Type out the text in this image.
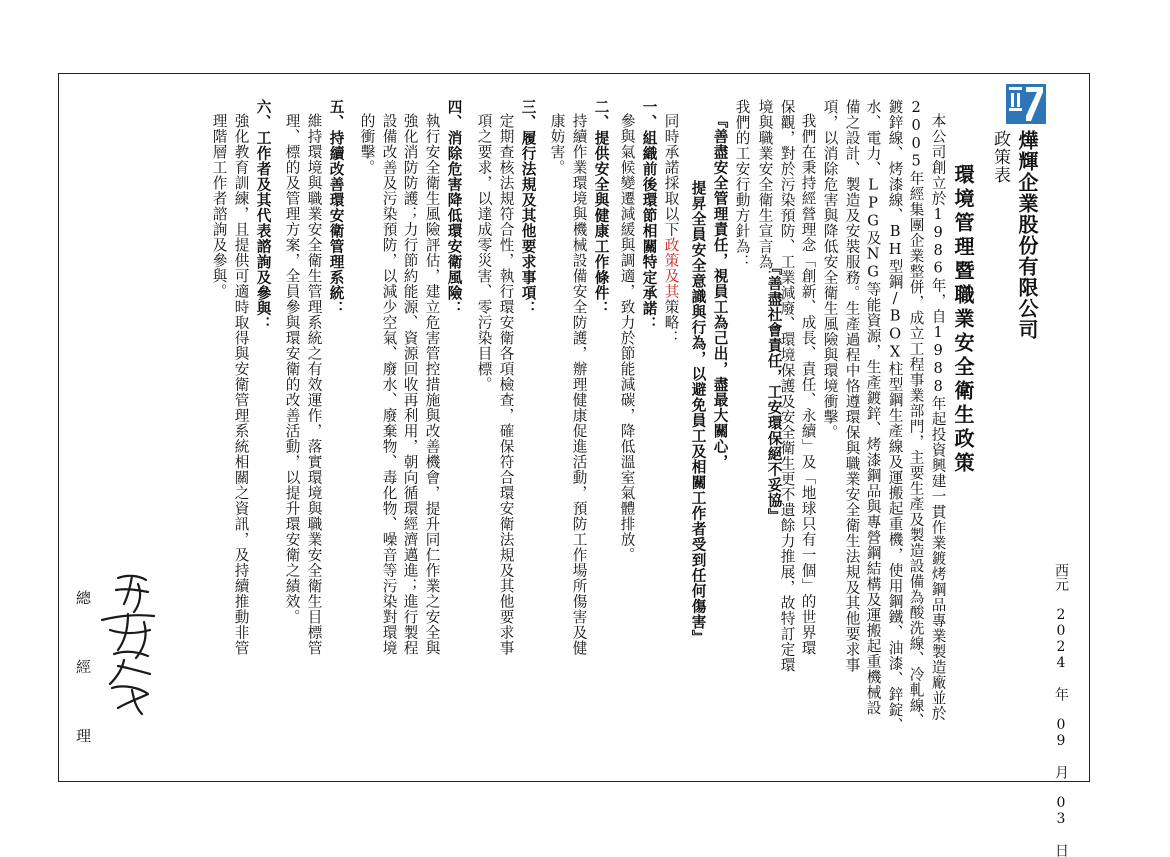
燁輝企業股份有限公司
政策表
西元 2024 年 09 月 03 日
環境管理暨職業安全衛生政策
本公司創立於1986年，自1988年起投資興建一貫作業鍍烤鋼品專業製造廠並於
2005年經集團企業整併，成立工程事業部門，主要生產及製造設備為酸洗線、冷軋線、
鍍鋅線、烤漆線、BH型鋼/BOX柱型鋼生產線及運搬起重機，使用鋼鐵、油漆、鋅錠、
水、電力、LPG及NG等能資源，生產鍍鋅、烤漆鋼品與專營鋼結構及運搬起重機械設
備之設計、製造及安裝服務。生產過程中恪遵環保與職業安全衛生法規及其他要求事
項，以消除危害與降低安全衛生風險與環境衝擊。
我們在秉持經營理念「創新、成長、責任、永續」及「地球只有一個」的世界環
保觀，對於污染預防、工業減廢、環境保護及安全衛生更不遺餘力推展，故特訂定環
境與職業安全衛生宣言為：
『善盡社會責任，工安環保絕不妥協』
我們的工安行動方針為：
『善盡安全管理責任，視員工為己出，盡最大關心，
提昇全員安全意識與行為，以避免員工及相關工作者受到任何傷害』
同時承諾採取以下政策及其策略：
一、組織前後環節相關特定承諾：
參與氣候變遷減緩與調適，致力於節能減碳，降低溫室氣體排放。
二、提供安全與健康工作條件：
持續作業環境與機械設備安全防護，辦理健康促進活動，預防工作場所傷害及健
康妨害。
三、履行法規及其他要求事項：
定期查核法規符合性，執行環安衛各項檢查，確保符合環安衛法規及其他要求事
項之要求，以達成零災害、零污染目標。
四、消除危害降低環安衛風險：
執行安全衛生風險評估，建立危害管控措施與改善機會，提升同仁作業之安全與
強化消防防護；力行節約能源、資源回收再利用，朝向循環經濟邁進；進行製程
設備改善及污染預防，以減少空氣、廢水、廢棄物、毒化物、噪音等污染對環境
的衝擊。
五、持續改善環安衛管理系統：
維持環境與職業安全衛生管理系統之有效運作，落實環境與職業安全衛生目標管
理、標的及管理方案，全員參與環安衛的改善活動，以提升環安衛之績效。
六、工作者及其代表諮詢及參與：
強化教育訓練，且提供可適時取得與安衛管理系統相關之資訊，及持續推動非管
理階層工作者諮詢及參與。
總 經 理
